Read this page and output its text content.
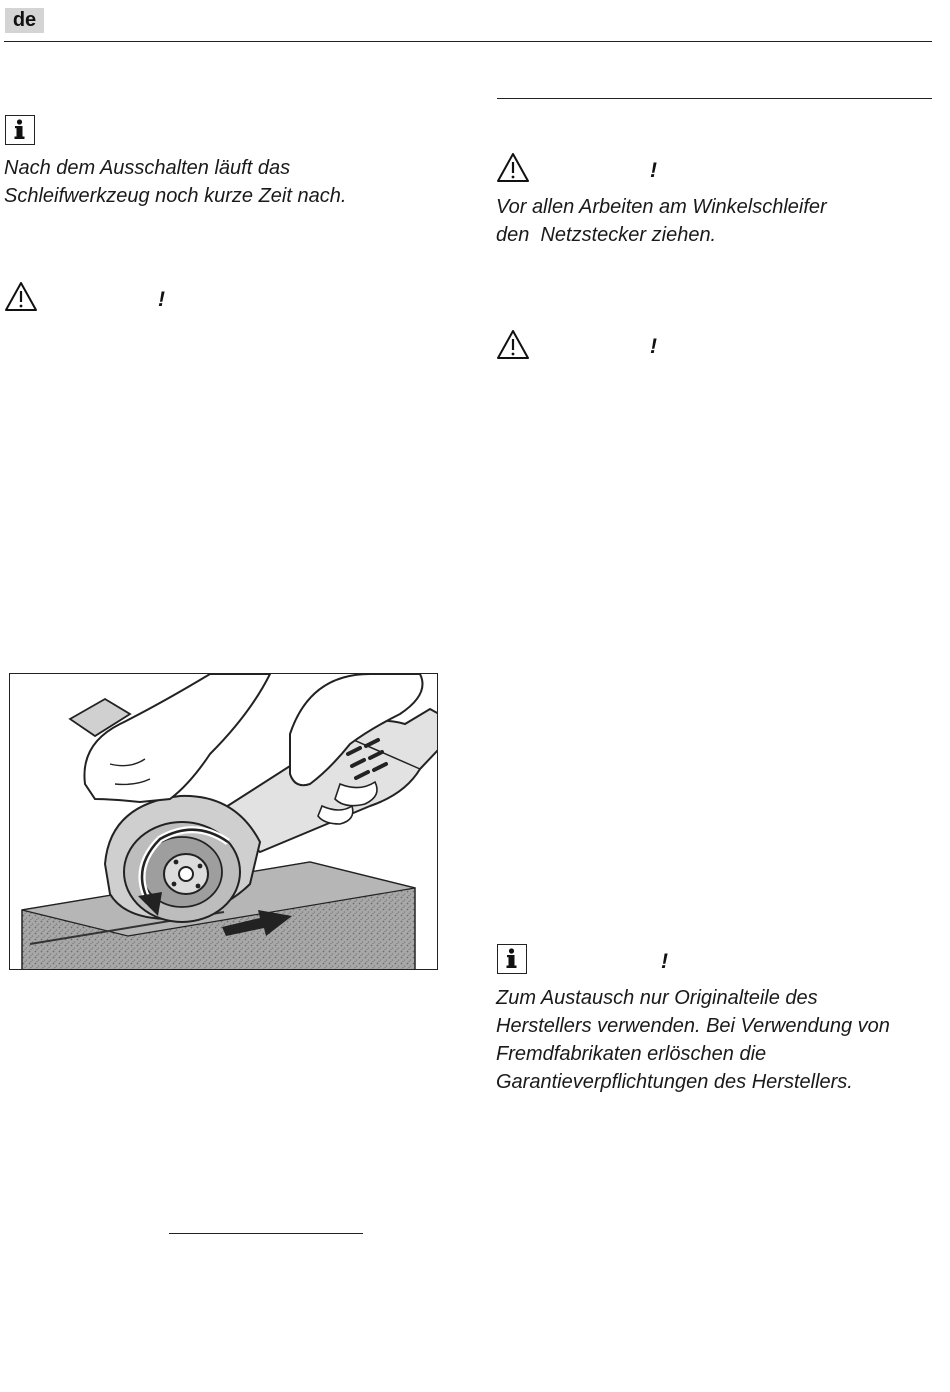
de

Nach dem Ausschalten läuft das
Schleifwerkzeug noch kurze Zeit nach.

!
!

Vor allen Arbeiten am Winkelschleifer
den  Netzstecker ziehen.

!
!

Zum Austausch nur Originalteile des
Herstellers verwenden. Bei Verwendung von
Fremdfabrikaten erlöschen die
Garantieverpflichtungen des Herstellers.
